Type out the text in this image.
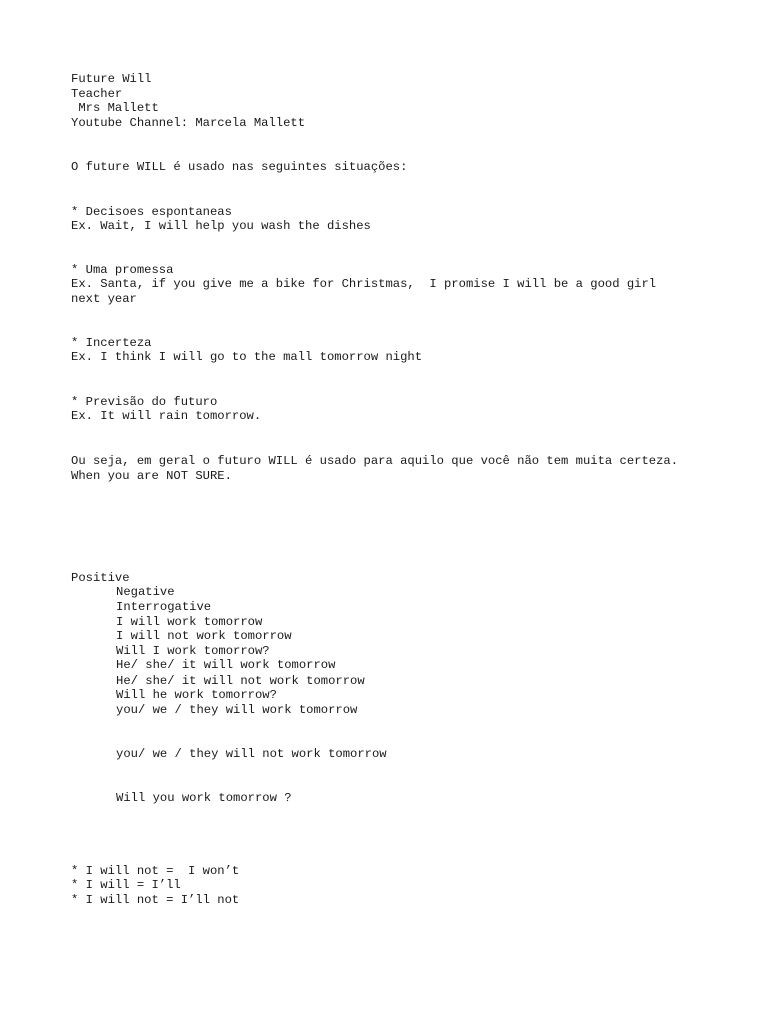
Future Will

Teacher

Mrs Mallett

Youtube Channel: Marcela Mallett

O future WILL é usado nas seguintes situações:

* Decisoes espontaneas

Ex. Wait, I will help you wash the dishes

* Uma promessa

Ex. Santa, if you give me a bike for Christmas,  I promise I will be a good girl

next year

* Incerteza

Ex. I think I will go to the mall tomorrow night

* Previsão do futuro

Ex. It will rain tomorrow.

Ou seja, em geral o futuro WILL é usado para aquilo que você não tem muita certeza.

When you are NOT SURE.

Positive

Negative

Interrogative

I will work tomorrow

I will not work tomorrow

Will I work tomorrow?

He/ she/ it will work tomorrow

He/ she/ it will not work tomorrow

Will he work tomorrow?

you/ we / they will work tomorrow

you/ we / they will not work tomorrow

Will you work tomorrow ?

* I will not =  I won’t

* I will = I’ll

* I will not = I’ll not
